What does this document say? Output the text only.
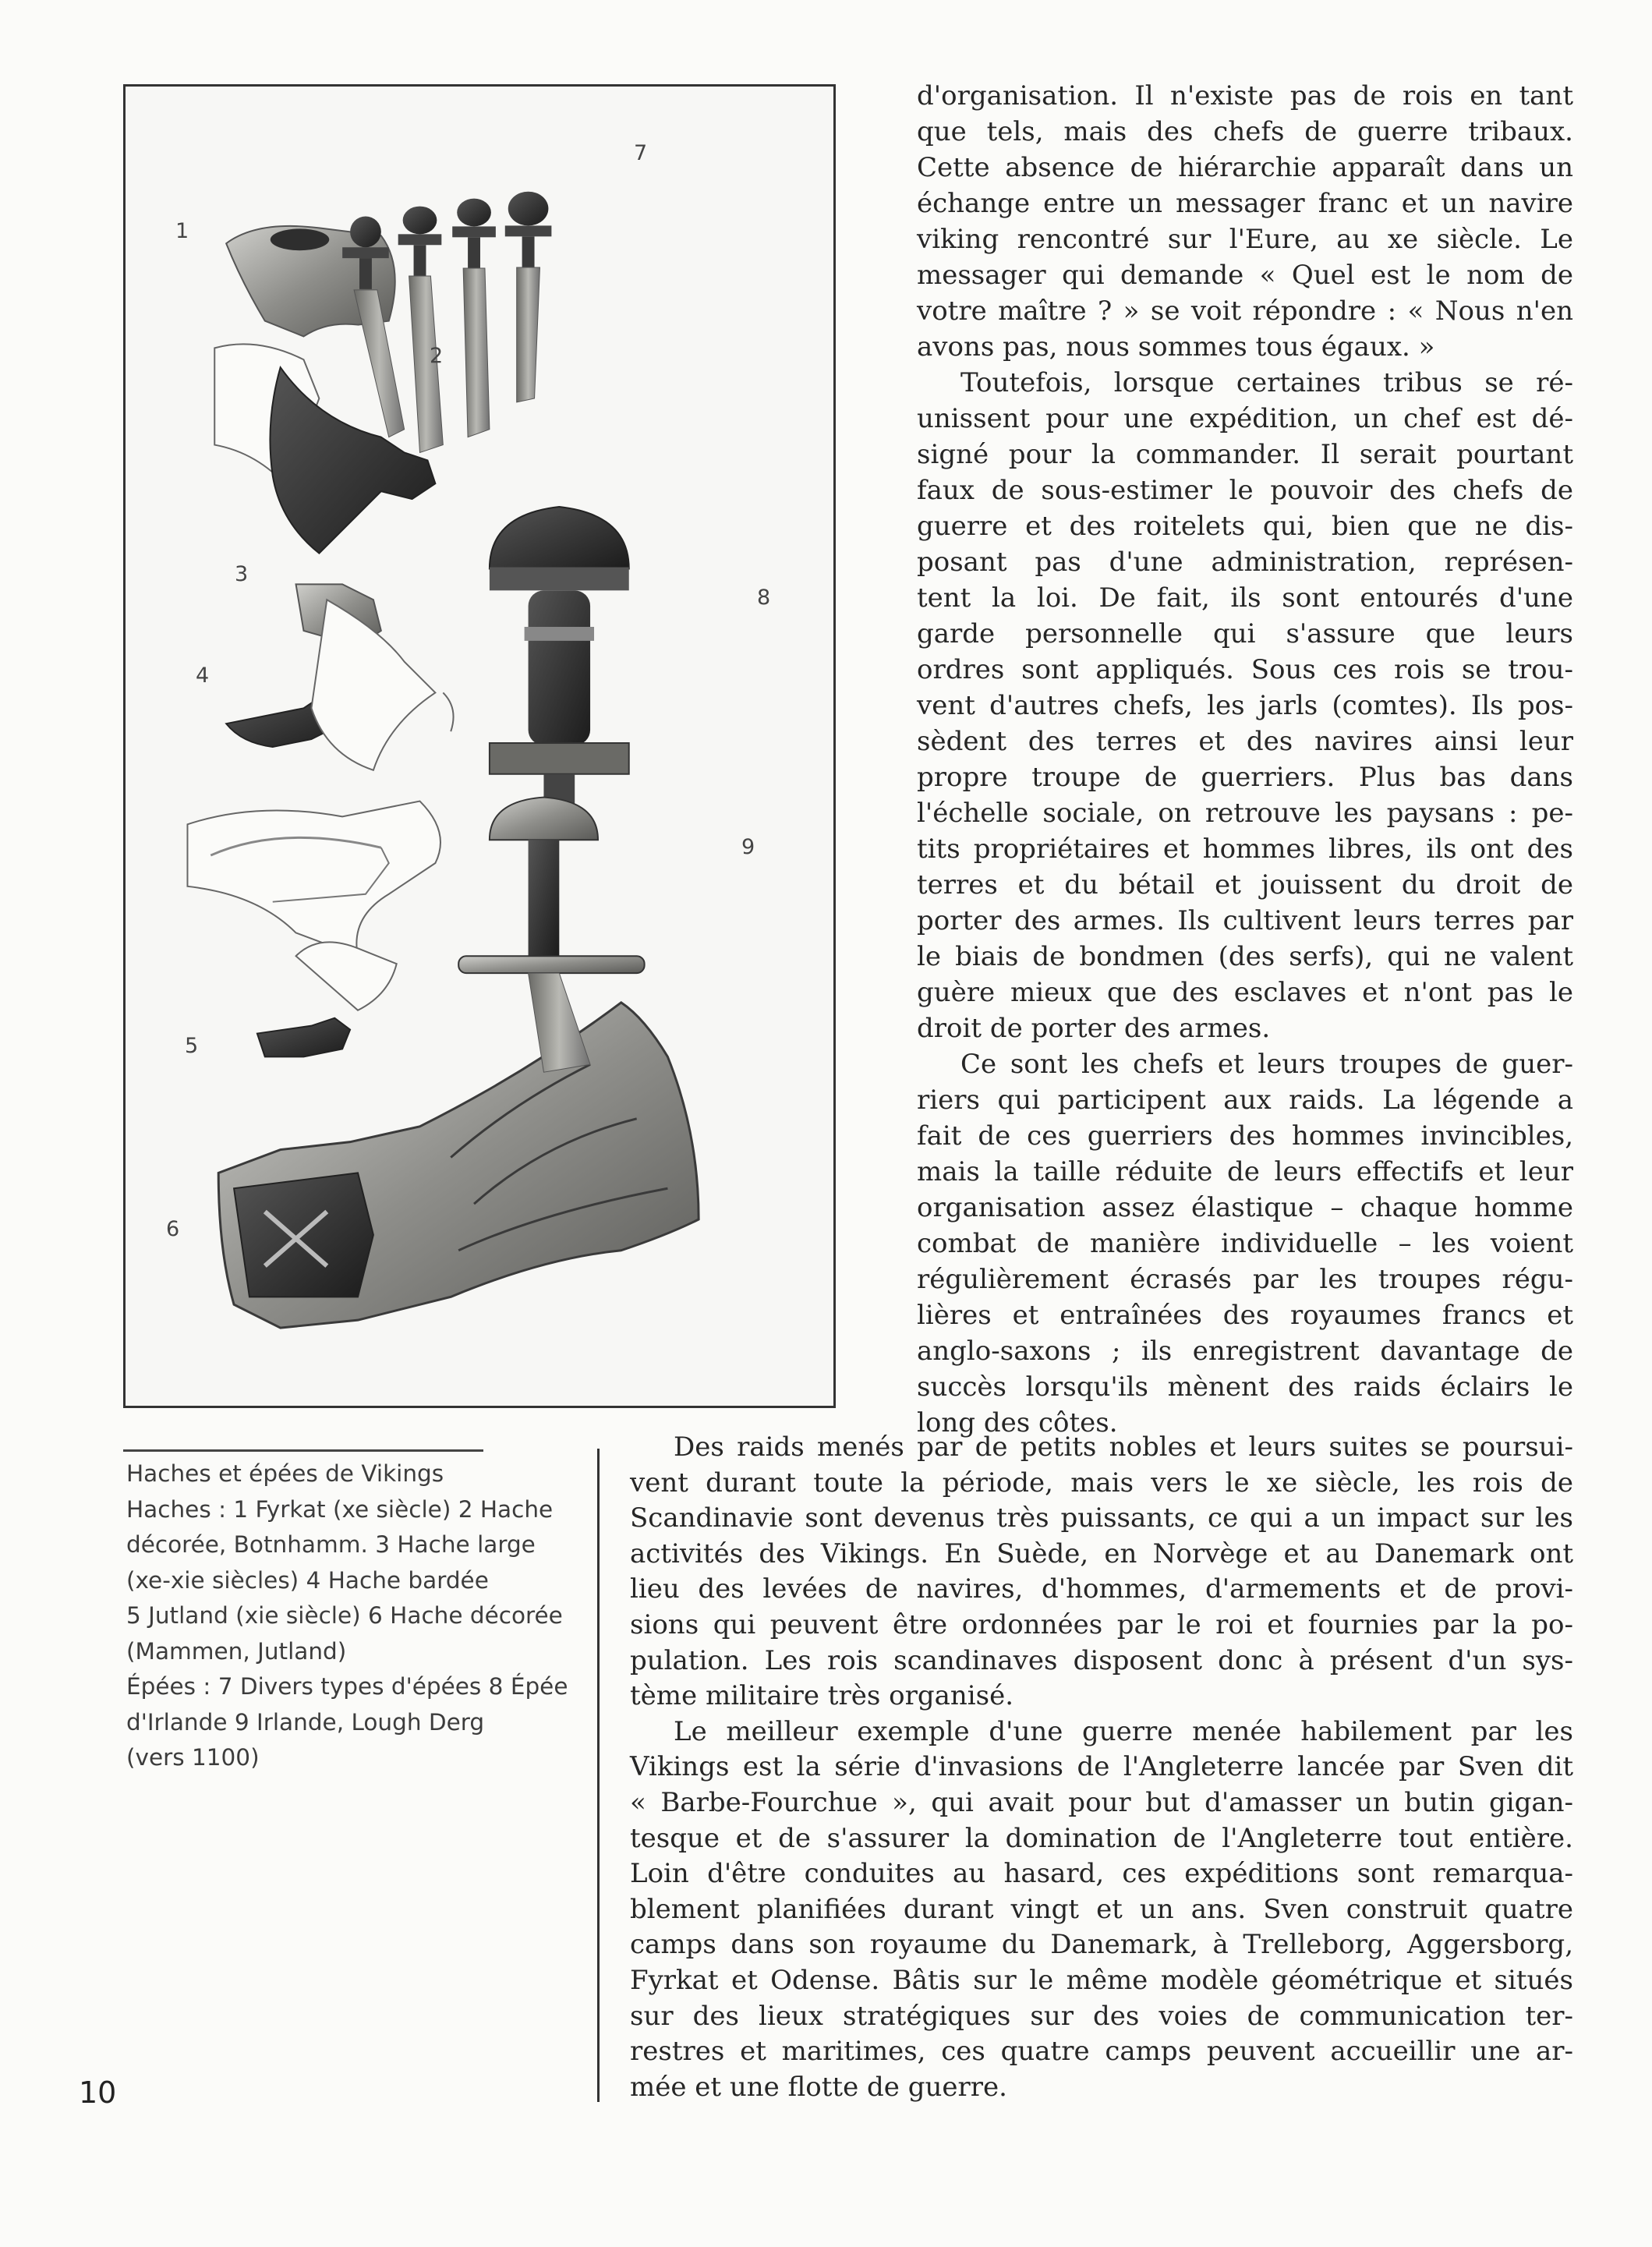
1
2
3
4
5
6
7
8
9
Haches et épées de Vikings
Haches : 1 Fyrkat (xe siècle) 2 Hache
décorée, Botnhamm. 3 Hache large
(xe-xie siècles) 4 Hache bardée
5 Jutland (xie siècle) 6 Hache décorée
(Mammen, Jutland)
Épées : 7 Divers types d'épées 8 Épée
d'Irlande 9 Irlande, Lough Derg
(vers 1100)
10
d'organisation. Il n'existe pas de rois en tant
que tels, mais des chefs de guerre tribaux.
Cette absence de hiérarchie apparaît dans un
échange entre un messager franc et un navire
viking rencontré sur l'Eure, au xe siècle. Le
messager qui demande « Quel est le nom de
votre maître ? » se voit répondre : « Nous n'en
avons pas, nous sommes tous égaux. »
Toutefois, lorsque certaines tribus se ré-
unissent pour une expédition, un chef est dé-
signé pour la commander. Il serait pourtant
faux de sous-estimer le pouvoir des chefs de
guerre et des roitelets qui, bien que ne dis-
posant pas d'une administration, représen-
tent la loi. De fait, ils sont entourés d'une
garde personnelle qui s'assure que leurs
ordres sont appliqués. Sous ces rois se trou-
vent d'autres chefs, les jarls (comtes). Ils pos-
sèdent des terres et des navires ainsi leur
propre troupe de guerriers. Plus bas dans
l'échelle sociale, on retrouve les paysans : pe-
tits propriétaires et hommes libres, ils ont des
terres et du bétail et jouissent du droit de
porter des armes. Ils cultivent leurs terres par
le biais de bondmen (des serfs), qui ne valent
guère mieux que des esclaves et n'ont pas le
droit de porter des armes.
Ce sont les chefs et leurs troupes de guer-
riers qui participent aux raids. La légende a
fait de ces guerriers des hommes invincibles,
mais la taille réduite de leurs effectifs et leur
organisation assez élastique – chaque homme
combat de manière individuelle – les voient
régulièrement écrasés par les troupes régu-
lières et entraînées des royaumes francs et
anglo-saxons ; ils enregistrent davantage de
succès lorsqu'ils mènent des raids éclairs le
long des côtes.
Des raids menés par de petits nobles et leurs suites se poursui-
vent durant toute la période, mais vers le xe siècle, les rois de
Scandinavie sont devenus très puissants, ce qui a un impact sur les
activités des Vikings. En Suède, en Norvège et au Danemark ont
lieu des levées de navires, d'hommes, d'armements et de provi-
sions qui peuvent être ordonnées par le roi et fournies par la po-
pulation. Les rois scandinaves disposent donc à présent d'un sys-
tème militaire très organisé.
Le meilleur exemple d'une guerre menée habilement par les
Vikings est la série d'invasions de l'Angleterre lancée par Sven dit
« Barbe-Fourchue », qui avait pour but d'amasser un butin gigan-
tesque et de s'assurer la domination de l'Angleterre tout entière.
Loin d'être conduites au hasard, ces expéditions sont remarqua-
blement planifiées durant vingt et un ans. Sven construit quatre
camps dans son royaume du Danemark, à Trelleborg, Aggersborg,
Fyrkat et Odense. Bâtis sur le même modèle géométrique et situés
sur des lieux stratégiques sur des voies de communication ter-
restres et maritimes, ces quatre camps peuvent accueillir une ar-
mée et une flotte de guerre.
